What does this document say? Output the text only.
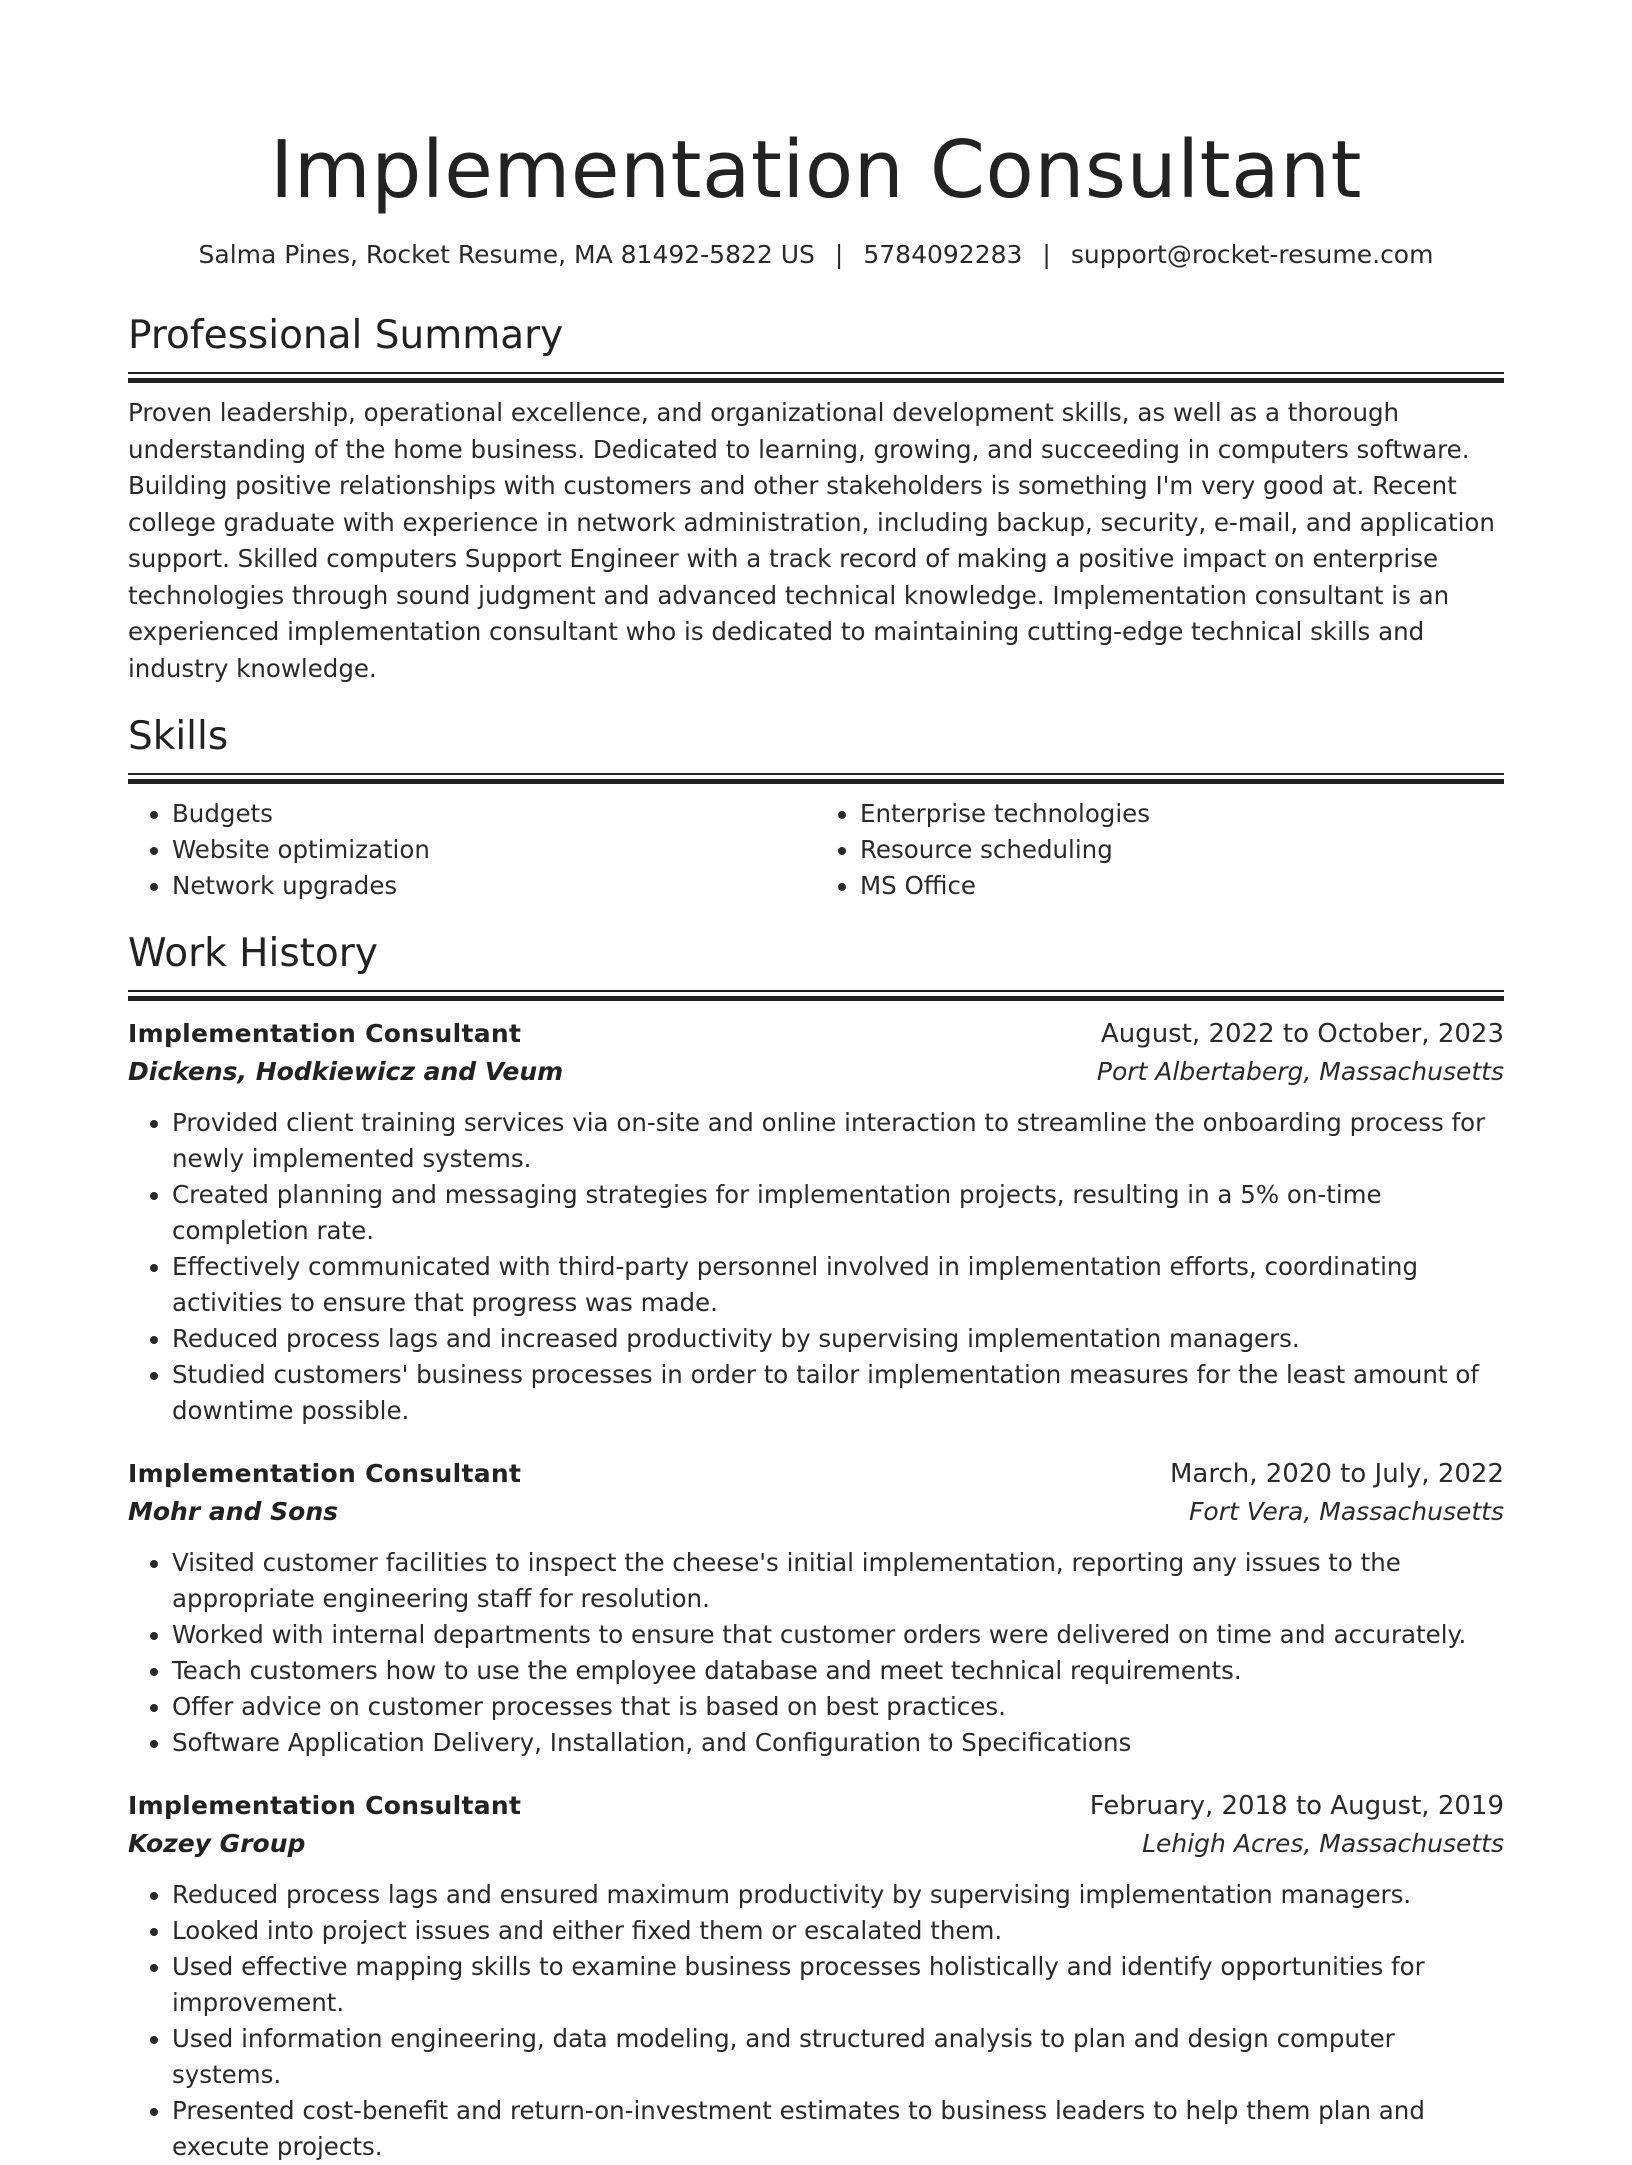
Implementation Consultant
Salma Pines, Rocket Resume, MA 81492-5822 US | 5784092283 | support@rocket-resume.com
Professional Summary
Proven leadership, operational excellence, and organizational development skills, as well as a thorough understanding of the home business. Dedicated to learning, growing, and succeeding in computers software. Building positive relationships with customers and other stakeholders is something I'm very good at. Recent college graduate with experience in network administration, including backup, security, e-mail, and application support. Skilled computers Support Engineer with a track record of making a positive impact on enterprise technologies through sound judgment and advanced technical knowledge. Implementation consultant is an experienced implementation consultant who is dedicated to maintaining cutting-edge technical skills and industry knowledge.
Skills
• Budgets
• Website optimization
• Network upgrades
• Enterprise technologies
• Resource scheduling
• MS Office
Work History
Implementation Consultant	August, 2022 to October, 2023
Dickens, Hodkiewicz and Veum	Port Albertaberg, Massachusetts
• Provided client training services via on-site and online interaction to streamline the onboarding process for newly implemented systems.
• Created planning and messaging strategies for implementation projects, resulting in a 5% on-time completion rate.
• Effectively communicated with third-party personnel involved in implementation efforts, coordinating activities to ensure that progress was made.
• Reduced process lags and increased productivity by supervising implementation managers.
• Studied customers' business processes in order to tailor implementation measures for the least amount of downtime possible.
Implementation Consultant	March, 2020 to July, 2022
Mohr and Sons	Fort Vera, Massachusetts
• Visited customer facilities to inspect the cheese's initial implementation, reporting any issues to the appropriate engineering staff for resolution.
• Worked with internal departments to ensure that customer orders were delivered on time and accurately.
• Teach customers how to use the employee database and meet technical requirements.
• Offer advice on customer processes that is based on best practices.
• Software Application Delivery, Installation, and Configuration to Specifications
Implementation Consultant	February, 2018 to August, 2019
Kozey Group	Lehigh Acres, Massachusetts
• Reduced process lags and ensured maximum productivity by supervising implementation managers.
• Looked into project issues and either fixed them or escalated them.
• Used effective mapping skills to examine business processes holistically and identify opportunities for improvement.
• Used information engineering, data modeling, and structured analysis to plan and design computer systems.
• Presented cost-benefit and return-on-investment estimates to business leaders to help them plan and execute projects.
